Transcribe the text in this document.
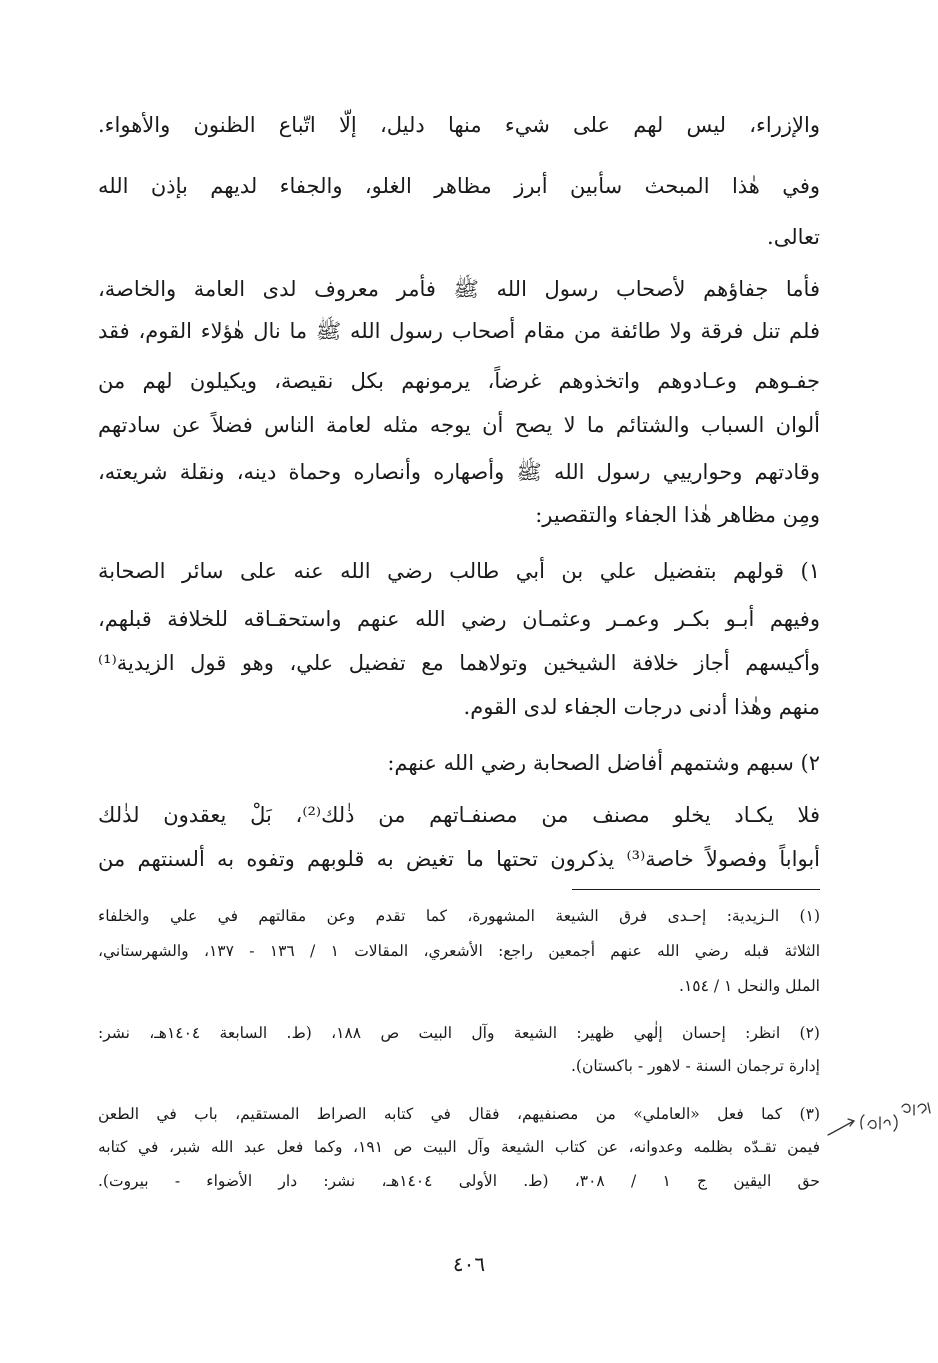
والإزراء، ليس لهم على شيء منها دليل، إلّا اتّباع الظنون والأهواء.
وفي هٰذا المبحث سأبين أبرز مظاهر الغلو، والجفاء لديهم بإذن الله
تعالى.
فأما جفاؤهم لأصحاب رسول الله ﷺ فأمر معروف لدى العامة والخاصة،
فلم تنل فرقة ولا طائفة من مقام أصحاب رسول الله ﷺ ما نال هٰؤلاء القوم، فقد
جفـوهم وعـادوهم واتخذوهم غرضاً، يرمونهم بكل نقيصة، ويكيلون لهم من
ألوان السباب والشتائم ما لا يصح أن يوجه مثله لعامة الناس فضلاً عن سادتهم
وقادتهم وحوارييي رسول الله ﷺ وأصهاره وأنصاره وحماة دينه، ونقلة شريعته،
ومِن مظاهر هٰذا الجفاء والتقصير:
١) قولهم بتفضيل علي بن أبي طالب رضي الله عنه على سائر الصحابة
وفيهم أبـو بكـر وعمـر وعثمـان رضي الله عنهم واستحقـاقه للخلافة قبلهم،
وأكيسهم أجاز خلافة الشيخين وتولاهما مع تفضيل علي، وهو قول الزيدية⁽¹⁾
منهم وهٰذا أدنى درجات الجفاء لدى القوم.
٢) سبهم وشتمهم أفاضل الصحابة رضي الله عنهم:
فلا يكـاد يخلو مصنف من مصنفـاتهم من ذٰلك⁽²⁾، بَلْ يعقدون لذٰلك
أبواباً وفصولاً خاصة⁽³⁾ يذكرون تحتها ما تغيض به قلوبهم وتفوه به ألسنتهم من
(١) الـزيدية: إحـدى فرق الشيعة المشهورة، كما تقدم وعن مقالتهم في علي والخلفاء
الثلاثة قبله رضي الله عنهم أجمعين راجع: الأشعري، المقالات ١ / ١٣٦ - ١٣٧، والشهرستاني،
الملل والنحل ١ / ١٥٤.
(٢) انظر: إحسان إلٰهي ظهير: الشيعة وآل البيت ص ١٨٨، (ط. السابعة ١٤٠٤هـ، نشر:
إدارة ترجمان السنة - لاهور - باكستان).
(٣) كما فعل «العاملي» من مصنفيهم، فقال في كتابه الصراط المستقيم، باب في الطعن
فيمن تقـدّه بظلمه وعدوانه، عن كتاب الشيعة وآل البيت ص ١٩١، وكما فعل عبد الله شبر، في كتابه
حق اليقين ج ١ / ٣٠٨، (ط. الأولى ١٤٠٤هـ، نشر: دار الأضواء - بيروت).
٤٠٦
